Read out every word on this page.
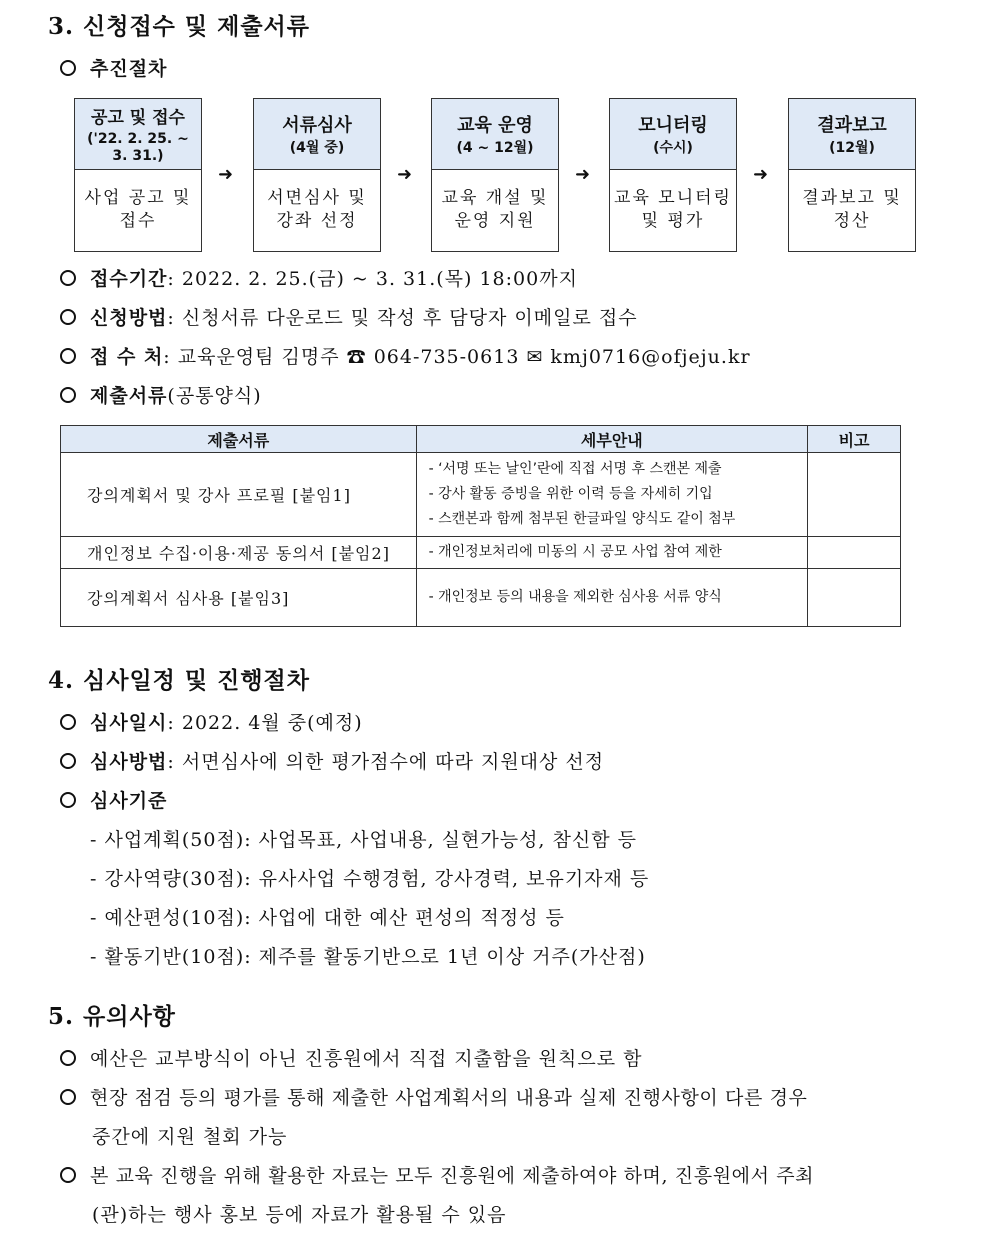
3. 신청접수 및 제출서류
추진절차
공고 및 접수
('22. 2. 25. ~ 3. 31.)
사업 공고 및 접수
➜
서류심사
(4월 중)
서면심사 및 강좌 선정
➜
교육 운영
(4 ~ 12월)
교육 개설 및 운영 지원
➜
모니터링
(수시)
교육 모니터링 및 평가
➜
결과보고
(12월)
결과보고 및 정산
접수기간: 2022. 2. 25.(금) ~ 3. 31.(목) 18:00까지
신청방법: 신청서류 다운로드 및 작성 후 담당자 이메일로 접수
접 수 처: 교육운영팀 김명주 ☎ 064-735-0613 ✉ kmj0716@ofjeju.kr
제출서류(공통양식)
제출서류	세부안내	비고
강의계획서 및 강사 프로필 [붙임1]	- ‘서명 또는 날인’란에 직접 서명 후 스캔본 제출
- 강사 활동 증빙을 위한 이력 등을 자세히 기입
- 스캔본과 함께 첨부된 한글파일 양식도 같이 첨부	

개인정보 수집·이용·제공 동의서 [붙임2]	- 개인정보처리에 미동의 시 공모 사업 참여 제한	

강의계획서 심사용 [붙임3]	- 개인정보 등의 내용을 제외한 심사용 서류 양식	

4. 심사일정 및 진행절차
심사일시: 2022. 4월 중(예정)
심사방법: 서면심사에 의한 평가점수에 따라 지원대상 선정
심사기준
- 사업계획(50점): 사업목표, 사업내용, 실현가능성, 참신함 등
- 강사역량(30점): 유사사업 수행경험, 강사경력, 보유기자재 등
- 예산편성(10점): 사업에 대한 예산 편성의 적정성 등
- 활동기반(10점): 제주를 활동기반으로 1년 이상 거주(가산점)
5. 유의사항
예산은 교부방식이 아닌 진흥원에서 직접 지출함을 원칙으로 함
현장 점검 등의 평가를 통해 제출한 사업계획서의 내용과 실제 진행사항이 다른 경우
중간에 지원 철회 가능
본 교육 진행을 위해 활용한 자료는 모두 진흥원에 제출하여야 하며, 진흥원에서 주최
(관)하는 행사 홍보 등에 자료가 활용될 수 있음
